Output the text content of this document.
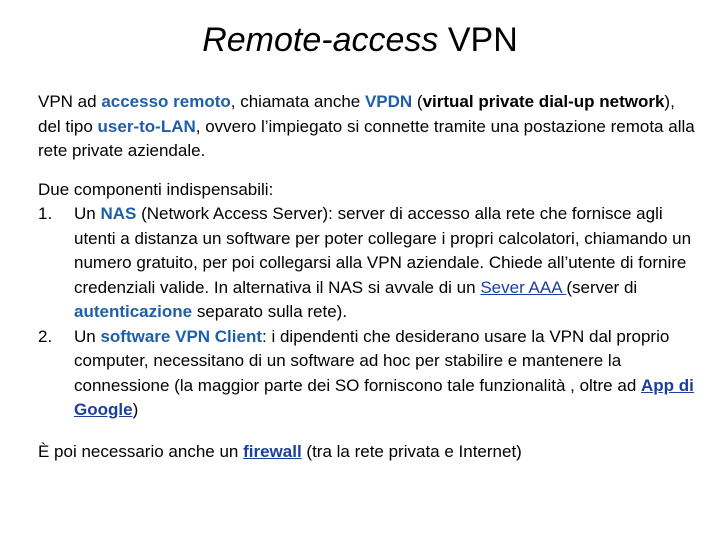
Remote-access VPN

VPN ad accesso remoto, chiamata anche VPDN (virtual private dial-up network), del tipo user-to-LAN, ovvero l’impiegato si connette tramite una postazione remota alla rete private aziendale.

Due componenti indispensabili:

1. Un NAS (Network Access Server): server di accesso alla rete che fornisce agli utenti a distanza un software per poter collegare i propri calcolatori, chiamando un numero gratuito, per poi collegarsi alla VPN aziendale. Chiede all’utente di fornire credenziali valide. In alternativa il NAS si avvale di un Sever AAA (server di autenticazione separato sulla rete).
2. Un software VPN Client: i dipendenti che desiderano usare la VPN dal proprio computer, necessitano di un software ad hoc per stabilire e mantenere la connessione (la maggior parte dei SO forniscono tale funzionalità , oltre ad App di Google)

È poi necessario anche un firewall (tra la rete privata e Internet)
